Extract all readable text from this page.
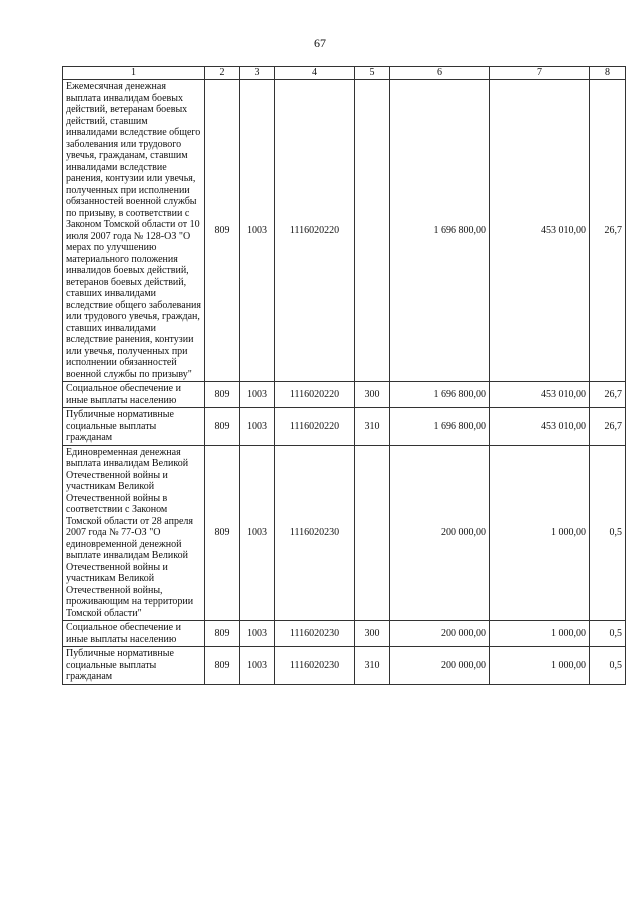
67
1	2	3	4	5	6	7	8
Ежемесячная денежная выплата инвалидам боевых действий, ветеранам боевых действий, ставшим инвалидами вследствие общего заболевания или трудового увечья, гражданам, ставшим инвалидами вследствие ранения, контузии или увечья, полученных при исполнении обязанностей военной службы по призыву, в соответствии с Законом Томской области от 10 июля 2007 года № 128-ОЗ "О мерах по улучшению материального положения инвалидов боевых действий, ветеранов боевых действий, ставших инвалидами вследствие общего заболевания или трудового увечья, граждан, ставших инвалидами вследствие ранения, контузии или увечья, полученных при исполнении обязанностей военной службы по призыву"	809	1003	1116020220		1 696 800,00	453 010,00	26,7
Социальное обеспечение и иные выплаты населению	809	1003	1116020220	300	1 696 800,00	453 010,00	26,7
Публичные нормативные социальные выплаты гражданам	809	1003	1116020220	310	1 696 800,00	453 010,00	26,7
Единовременная денежная выплата инвалидам Великой Отечественной войны и участникам Великой Отечественной войны в соответствии с Законом Томской области от 28 апреля 2007 года № 77-ОЗ "О единовременной денежной выплате инвалидам Великой Отечественной войны и участникам Великой Отечественной войны, проживающим на территории Томской области"	809	1003	1116020230		200 000,00	1 000,00	0,5
Социальное обеспечение и иные выплаты населению	809	1003	1116020230	300	200 000,00	1 000,00	0,5
Публичные нормативные социальные выплаты гражданам	809	1003	1116020230	310	200 000,00	1 000,00	0,5
